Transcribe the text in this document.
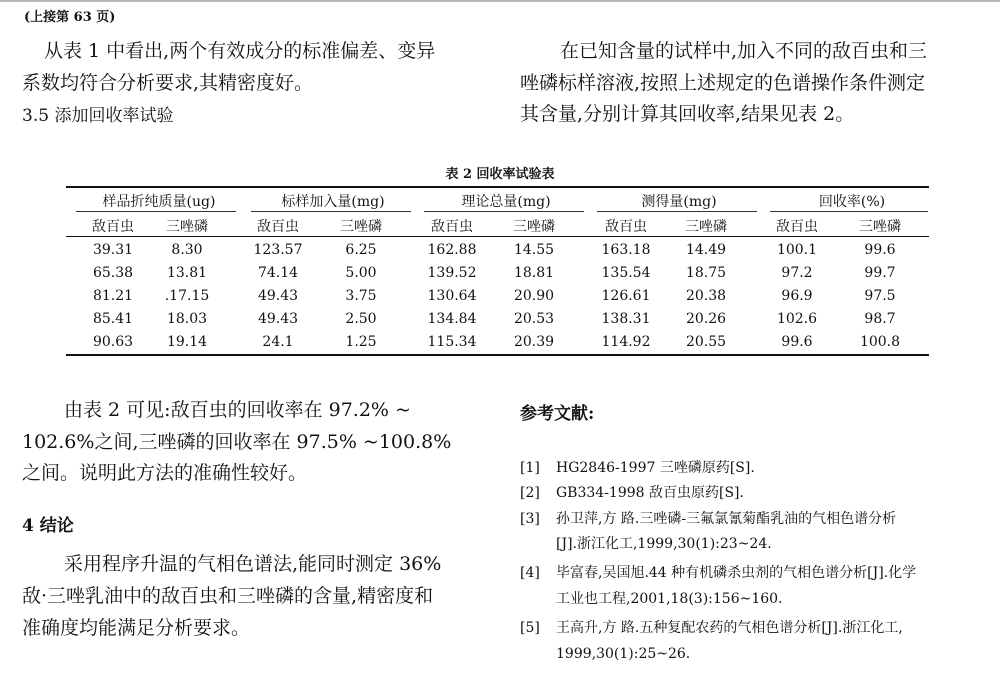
(上接第 63 页)
从表 1 中看出,两个有效成分的标准偏差、变异
系数均符合分析要求,其精密度好。
3.5 添加回收率试验
在已知含量的试样中,加入不同的敌百虫和三
唑磷标样溶液,按照上述规定的色谱操作条件测定
其含量,分别计算其回收率,结果见表 2。
表 2 回收率试验表
样品折纯质量(ug)	标样加入量(mg)	理论总量(mg)	测得量(mg)	回收率(%)
敌百虫	三唑磷	敌百虫	三唑磷	敌百虫	三唑磷	敌百虫	三唑磷	敌百虫	三唑磷
39.31	8.30	123.57	6.25	162.88	14.55	163.18	14.49	100.1	99.6
65.38	13.81	74.14	5.00	139.52	18.81	135.54	18.75	97.2	99.7
81.21	.17.15	49.43	3.75	130.64	20.90	126.61	20.38	96.9	97.5
85.41	18.03	49.43	2.50	134.84	20.53	138.31	20.26	102.6	98.7
90.63	19.14	24.1	1.25	115.34	20.39	114.92	20.55	99.6	100.8
由表 2 可见:敌百虫的回收率在 97.2% ~
102.6%之间,三唑磷的回收率在 97.5% ~100.8%
之间。说明此方法的准确性较好。
4 结论
采用程序升温的气相色谱法,能同时测定 36%
敌·三唑乳油中的敌百虫和三唑磷的含量,精密度和
准确度均能满足分析要求。
参考文献:
[1] HG2846-1997 三唑磷原药[S].
[2] GB334-1998 敌百虫原药[S].
[3] 孙卫萍,方 路.三唑磷-三氟氯氰菊酯乳油的气相色谱分析
[J].浙江化工,1999,30(1):23~24.
[4] 毕富春,吴国旭.44 种有机磷杀虫剂的气相色谱分析[J].化学
工业也工程,2001,18(3):156~160.
[5] 王高升,方 路.五种复配农药的气相色谱分析[J].浙江化工,
1999,30(1):25~26.
